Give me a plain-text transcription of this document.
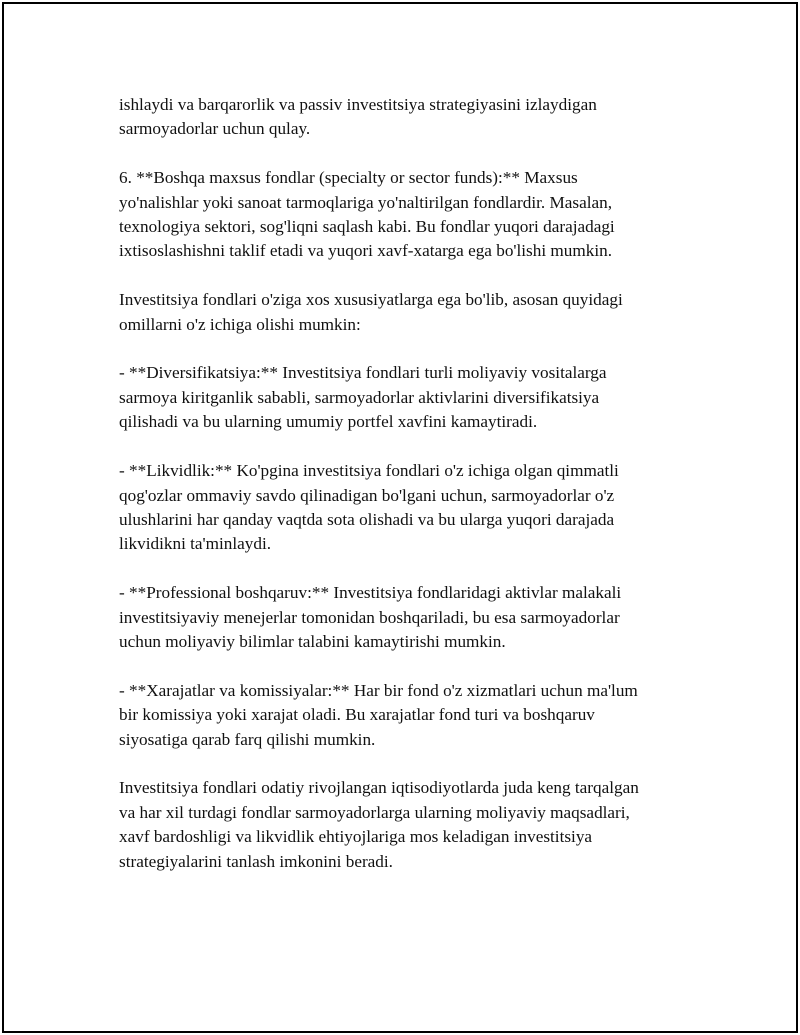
ishlaydi va barqarorlik va passiv investitsiya strategiyasini izlaydigan
sarmoyadorlar uchun qulay.

6. **Boshqa maxsus fondlar (specialty or sector funds):** Maxsus
yo'nalishlar yoki sanoat tarmoqlariga yo'naltirilgan fondlardir. Masalan,
texnologiya sektori, sog'liqni saqlash kabi. Bu fondlar yuqori darajadagi
ixtisoslashishni taklif etadi va yuqori xavf-xatarga ega bo'lishi mumkin.

Investitsiya fondlari o'ziga xos xususiyatlarga ega bo'lib, asosan quyidagi
omillarni o'z ichiga olishi mumkin:

- **Diversifikatsiya:** Investitsiya fondlari turli moliyaviy vositalarga
sarmoya kiritganlik sababli, sarmoyadorlar aktivlarini diversifikatsiya
qilishadi va bu ularning umumiy portfel xavfini kamaytiradi.

- **Likvidlik:** Ko'pgina investitsiya fondlari o'z ichiga olgan qimmatli
qog'ozlar ommaviy savdo qilinadigan bo'lgani uchun, sarmoyadorlar o'z
ulushlarini har qanday vaqtda sota olishadi va bu ularga yuqori darajada
likvidikni ta'minlaydi.

- **Professional boshqaruv:** Investitsiya fondlaridagi aktivlar malakali
investitsiyaviy menejerlar tomonidan boshqariladi, bu esa sarmoyadorlar
uchun moliyaviy bilimlar talabini kamaytirishi mumkin.

- **Xarajatlar va komissiyalar:** Har bir fond o'z xizmatlari uchun ma'lum
bir komissiya yoki xarajat oladi. Bu xarajatlar fond turi va boshqaruv
siyosatiga qarab farq qilishi mumkin.

Investitsiya fondlari odatiy rivojlangan iqtisodiyotlarda juda keng tarqalgan
va har xil turdagi fondlar sarmoyadorlarga ularning moliyaviy maqsadlari,
xavf bardoshligi va likvidlik ehtiyojlariga mos keladigan investitsiya
strategiyalarini tanlash imkonini beradi.
